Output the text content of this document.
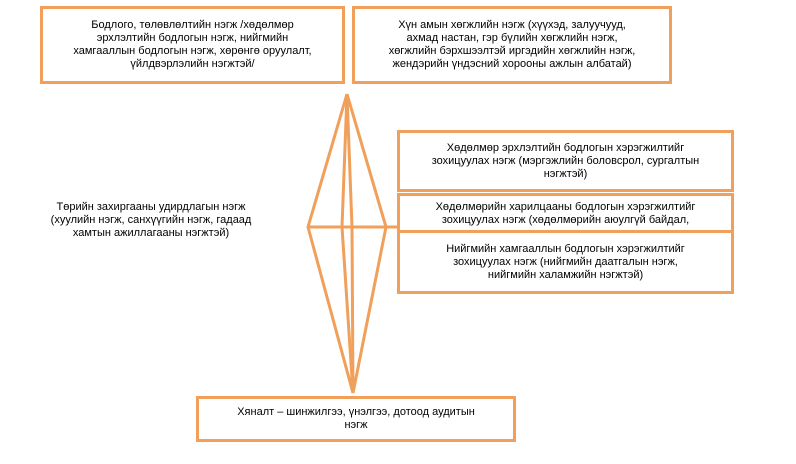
Бодлого, төлөвлөлтийн нэгж /хөдөлмөр
эрхлэлтийн бодлогын нэгж, нийгмийн
хамгааллын бодлогын нэгж, хөрөнгө оруулалт,
үйлдвэрлэлийн нэгжтэй/
Хүн амын хөгжлийн нэгж (хүүхэд, залуучууд,
ахмад настан, гэр бүлийн хөгжлийн нэгж,
хөгжлийн бэрхшээлтэй иргэдийн хөгжлийн нэгж,
жендэрийн үндэсний хорооны ажлын албатай)
Хөдөлмөр эрхлэлтийн бодлогын хэрэгжилтийг
зохицуулах нэгж (мэргэжлийн боловсрол, сургалтын
нэгжтэй)
Төрийн захиргааны удирдлагын нэгж
(хуулийн нэгж, санхүүгийн нэгж, гадаад
хамтын ажиллагааны нэгжтэй)
Хөдөлмөрийн харилцааны бодлогын хэрэгжилтийг
зохицуулах нэгж (хөдөлмөрийн аюулгүй байдал,
Нийгмийн хамгааллын бодлогын хэрэгжилтийг
зохицуулах нэгж (нийгмийн даатгалын нэгж,
нийгмийн халамжийн нэгжтэй)
Хяналт – шинжилгээ, үнэлгээ, дотоод аудитын
нэгж
